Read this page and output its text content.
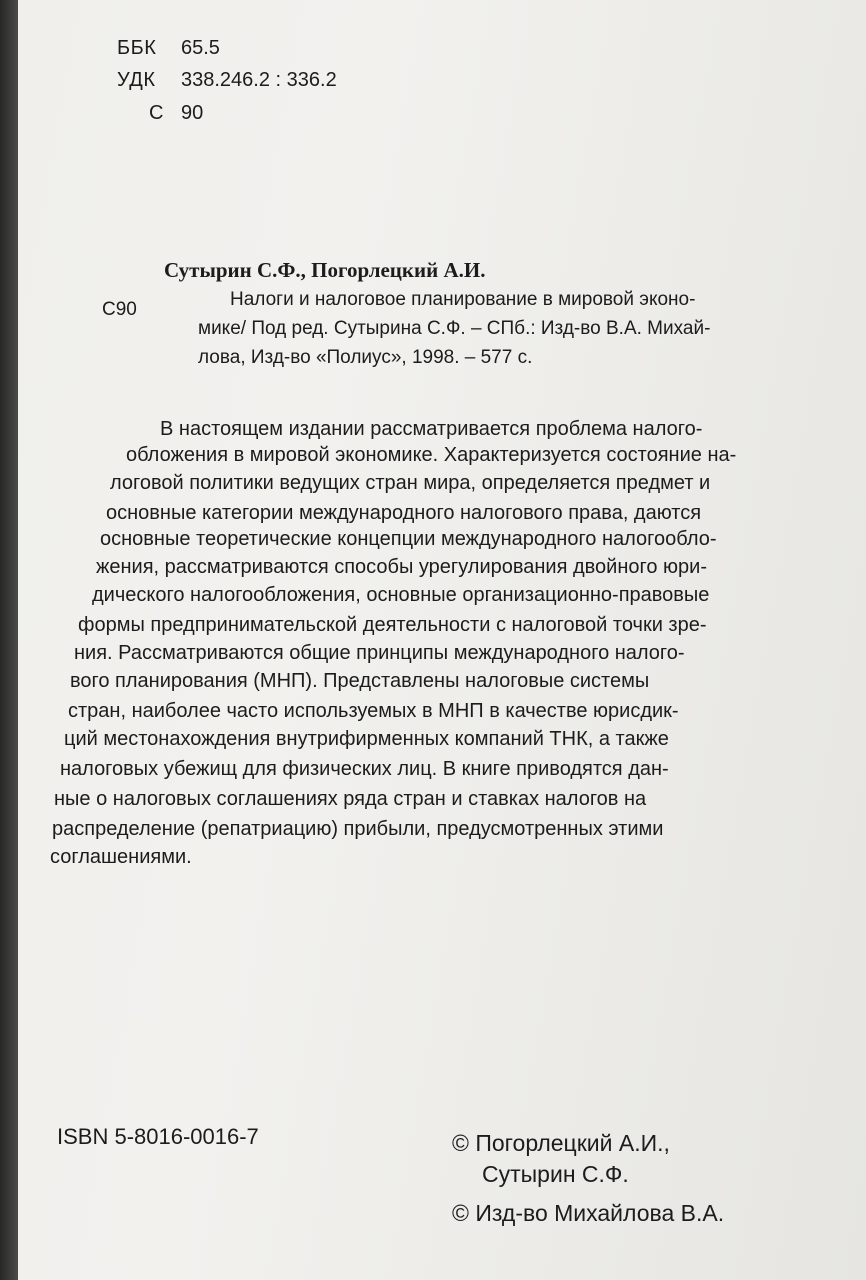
ББК 65.5
УДК 338.246.2 : 336.2
С 90
Сутырин С.Ф., Погорлецкий А.И.
С90	Налоги и налоговое планирование в мировой эконо-
мике/ Под ред. Сутырина С.Ф. – СПб.: Изд-во В.А. Михай-
лова, Изд-во «Полиус», 1998. – 577 с.
В настоящем издании рассматривается проблема налого-
обложения в мировой экономике. Характеризуется состояние на-
логовой политики ведущих стран мира, определяется предмет и
основные категории международного налогового права, даются
основные теоретические концепции международного налогообло-
жения, рассматриваются способы урегулирования двойного юри-
дического налогообложения, основные организационно-правовые
формы предпринимательской деятельности с налоговой точки зре-
ния. Рассматриваются общие принципы международного налого-
вого планирования (МНП). Представлены налоговые системы
стран, наиболее часто используемых в МНП в качестве юрисдик-
ций местонахождения внутрифирменных компаний ТНК, а также
налоговых убежищ для физических лиц. В книге приводятся дан-
ные о налоговых соглашениях ряда стран и ставках налогов на
распределение (репатриацию) прибыли, предусмотренных этими
соглашениями.
ISBN 5-8016-0016-7	© Погорлецкий А.И.,
Сутырин С.Ф.
© Изд-во Михайлова В.А.
